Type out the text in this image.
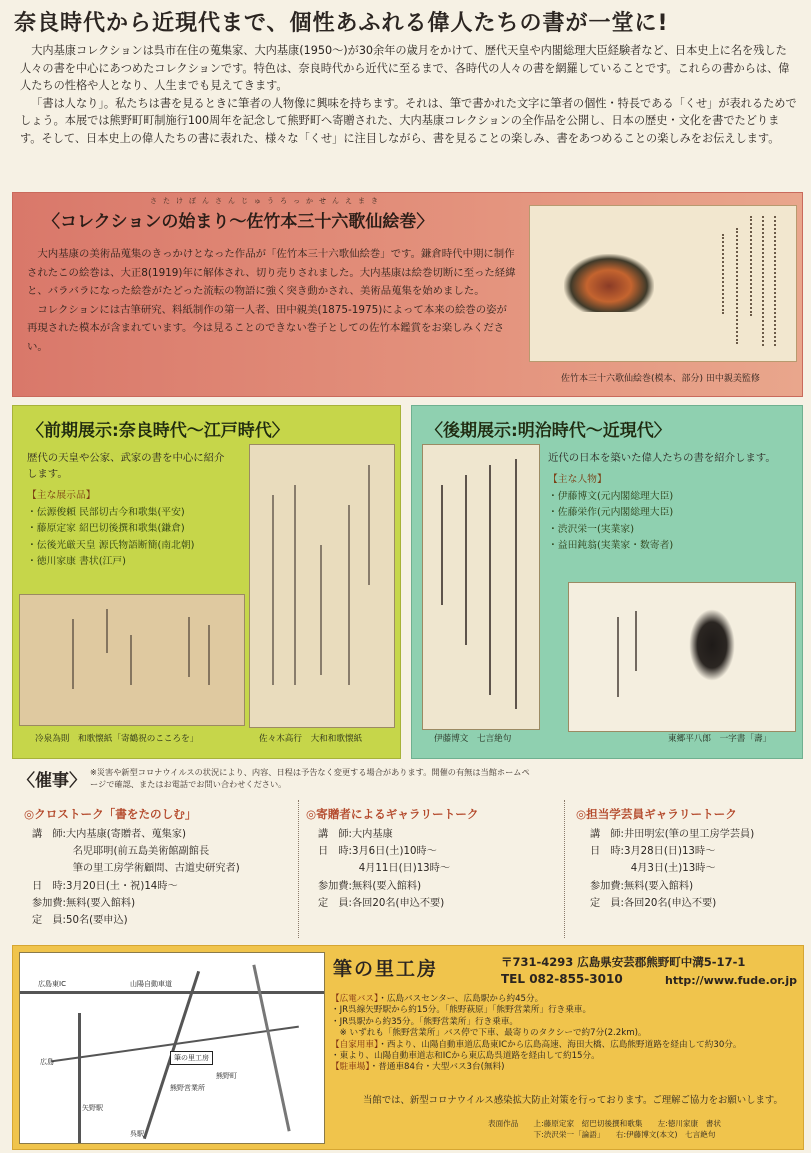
奈良時代から近現代まで、個性あふれる偉人たちの書が一堂に!

大内基康コレクションは呉市在住の蒐集家、大内基康(1950〜)が30余年の歳月をかけて、歴代天皇や内閣総理大臣経験者など、日本史上に名を残した人々の書を中心にあつめたコレクションです。特色は、奈良時代から近代に至るまで、各時代の人々の書を網羅していることです。これらの書からは、偉人たちの性格や人となり、人生までも見えてきます。

「書は人なり」。私たちは書を見るときに筆者の人物像に興味を持ちます。それは、筆で書かれた文字に筆者の個性・特長である「くせ」が表れるためでしょう。本展では熊野町町制施行100周年を記念して熊野町へ寄贈された、大内基康コレクションの全作品を公開し、日本の歴史・文化を書でたどります。そして、日本史上の偉人たちの書に表れた、様々な「くせ」に注目しながら、書を見ることの楽しみ、書をあつめることの楽しみをお伝えします。

〈コレクションの始まり〜佐竹本三十六歌仙絵巻〉

大内基康の美術品蒐集のきっかけとなった作品が「佐竹本三十六歌仙絵巻」です。鎌倉時代中期に制作されたこの絵巻は、大正8(1919)年に解体され、切り売りされました。大内基康は絵巻切断に至った経緯と、バラバラになった絵巻がたどった流転の物語に強く突き動かされ、美術品蒐集を始めました。

コレクションには古筆研究、料紙制作の第一人者、田中親美(1875-1975)によって本来の絵巻の姿が再現された模本が含まれています。今は見ることのできない巻子としての佐竹本鑑賞をお楽しみください。

佐竹本三十六歌仙絵巻(模本、部分) 田中親美監修
さたけぼんさんじゅうろっかせんえまき
〈前期展示:奈良時代〜江戸時代〉
歴代の天皇や公家、武家の書を中心に紹介します。
【主な展示品】
・伝源俊頼 民部切古今和歌集(平安)
・藤原定家 紹巴切後撰和歌集(鎌倉)
・伝後光厳天皇 源氏物語断簡(南北朝)
・徳川家康 書状(江戸)
冷泉為則　和歌懐紙「寄鶴祝のこころを」	佐々木高行　大和和歌懐紙
〈後期展示:明治時代〜近現代〉
近代の日本を築いた偉人たちの書を紹介します。
【主な人物】
・伊藤博文(元内閣総理大臣)
・佐藤栄作(元内閣総理大臣)
・渋沢栄一(実業家)
・益田鈍翁(実業家・数寄者)
伊藤博文　七言絶句	東郷平八郎　一字書「壽」
〈催事〉 ※災害や新型コロナウイルスの状況により、内容、日程は予告なく変更する場合があります。開催の有無は当館ホームページで確認、またはお電話でお問い合わせください。
◎クロストーク「書をたのしむ」
講　師:大内基康(寄贈者、蒐集家)
　　　　名児耶明(前五島美術館副館長
　　　　筆の里工房学術顧問、古道史研究者)
日　時:3月20日(土・祝)14時〜
参加費:無料(要入館料)
定　員:50名(要申込)
◎寄贈者によるギャラリートーク
講　師:大内基康
日　時:3月6日(土)10時〜
　　　　4月11日(日)13時〜
参加費:無料(要入館料)
定　員:各回20名(申込不要)
◎担当学芸員ギャラリートーク
講　師:井田明宏(筆の里工房学芸員)
日　時:3月28日(日)13時〜
　　　　4月3日(土)13時〜
参加費:無料(要入館料)
定　員:各回20名(申込不要)
広島東IC	山陽自動車道
広島
熊野町
筆の里工房
熊野営業所
矢野駅
呉駅
筆の里工房	〒731-4293 広島県安芸郡熊野町中溝5-17-1
TEL 082-855-3010	http://www.fude.or.jp
【広電バス】・広島バスセンター、広島駅から約45分。
・JR呉線矢野駅から約15分。「熊野萩原」「熊野営業所」行き乗車。
・JR呉駅から約35分。「熊野営業所」行き乗車。
　※ いずれも「熊野営業所」バス停で下車、最寄りのタクシーで約7分(2.2km)。
【自家用車】・西より、山陽自動車道広島東ICから広島高速、海田大橋、広島熊野道路を経由して約30分。
・東より、山陽自動車道志和ICから東広島呉道路を経由して約15分。
【駐車場】・普通車84台・大型バス3台(無料)
当館では、新型コロナウイルス感染拡大防止対策を行っております。ご理解ご協力をお願いします。
表面作品　　上:藤原定家　紹巴切後撰和歌集　　左:徳川家康　書状
　　　　　　下:渋沢栄一「論語」　　右:伊藤博文(本文)　七言絶句
